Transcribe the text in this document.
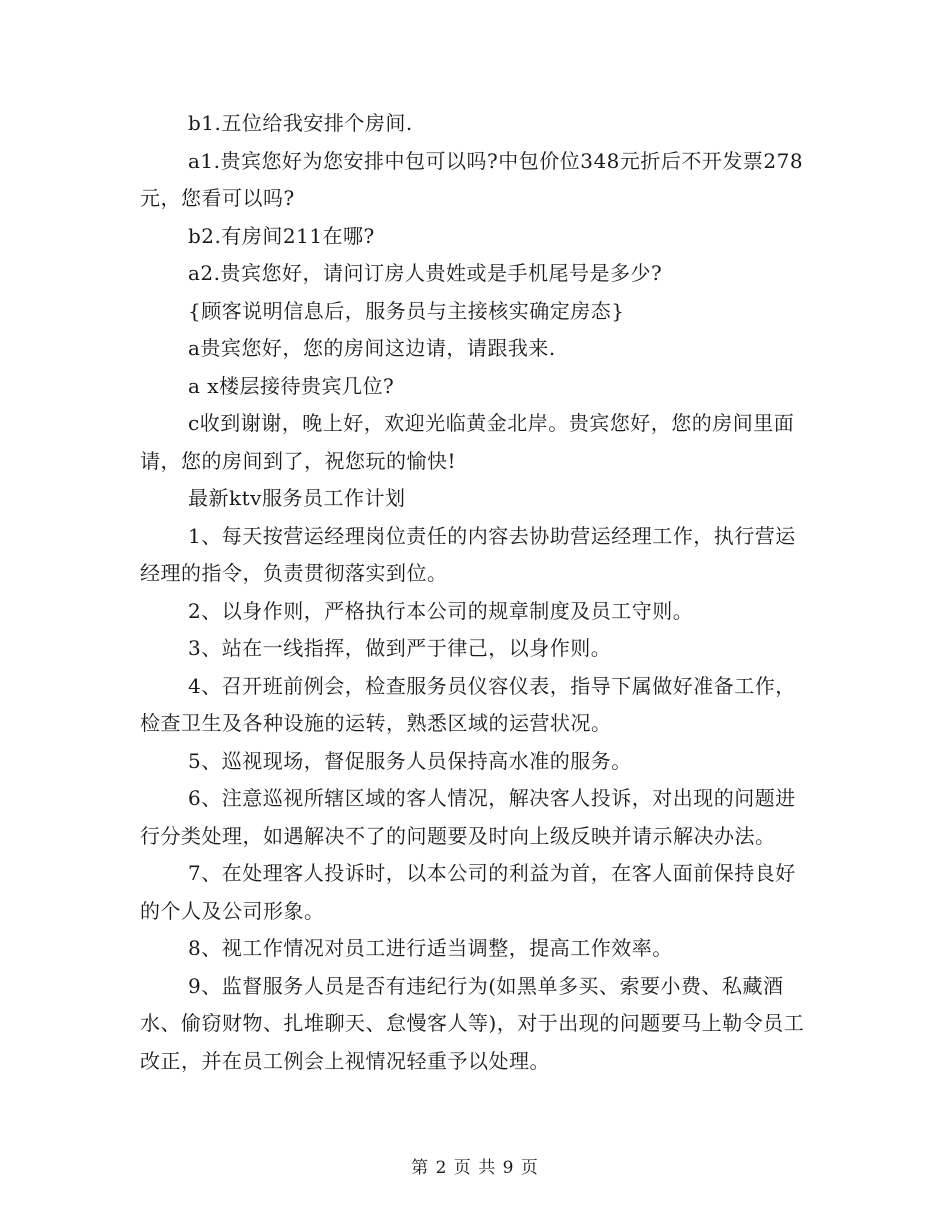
b1.五位给我安排个房间.

a1.贵宾您好为您安排中包可以吗?中包价位348元折后不开发票278元，您看可以吗?

b2.有房间211在哪?

a2.贵宾您好，请问订房人贵姓或是手机尾号是多少?

{顾客说明信息后，服务员与主接核实确定房态}

a贵宾您好，您的房间这边请，请跟我来.

a x楼层接待贵宾几位?

c收到谢谢，晚上好，欢迎光临黄金北岸。贵宾您好，您的房间里面请，您的房间到了，祝您玩的愉快!

最新ktv服务员工作计划

1、每天按营运经理岗位责任的内容去协助营运经理工作，执行营运经理的指令，负责贯彻落实到位。

2、以身作则，严格执行本公司的规章制度及员工守则。

3、站在一线指挥，做到严于律己，以身作则。

4、召开班前例会，检查服务员仪容仪表，指导下属做好准备工作，检查卫生及各种设施的运转，熟悉区域的运营状况。

5、巡视现场，督促服务人员保持高水准的服务。

6、注意巡视所辖区域的客人情况，解决客人投诉，对出现的问题进行分类处理，如遇解决不了的问题要及时向上级反映并请示解决办法。

7、在处理客人投诉时，以本公司的利益为首，在客人面前保持良好的个人及公司形象。

8、视工作情况对员工进行适当调整，提高工作效率。

9、监督服务人员是否有违纪行为(如黑单多买、索要小费、私藏酒水、偷窃财物、扎堆聊天、怠慢客人等)，对于出现的问题要马上勒令员工改正，并在员工例会上视情况轻重予以处理。

第 2 页 共 9 页
